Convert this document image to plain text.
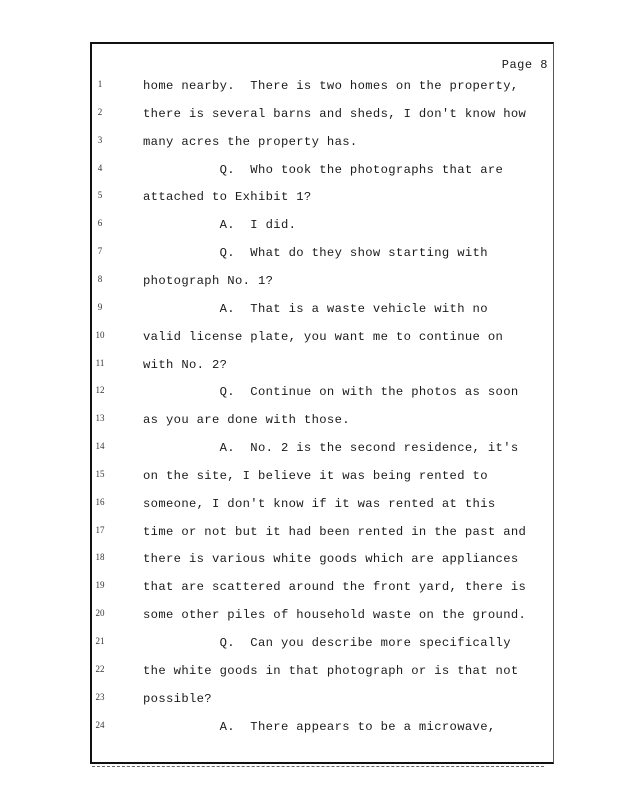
Page 8
1	home nearby.  There is two homes on the property,
2	there is several barns and sheds, I don't know how
3	many acres the property has.
4	Q.  Who took the photographs that are
5	attached to Exhibit 1?
6	A.  I did.
7	Q.  What do they show starting with
8	photograph No. 1?
9	A.  That is a waste vehicle with no
10	valid license plate, you want me to continue on
11	with No. 2?
12	Q.  Continue on with the photos as soon
13	as you are done with those.
14	A.  No. 2 is the second residence, it's
15	on the site, I believe it was being rented to
16	someone, I don't know if it was rented at this
17	time or not but it had been rented in the past and
18	there is various white goods which are appliances
19	that are scattered around the front yard, there is
20	some other piles of household waste on the ground.
21	Q.  Can you describe more specifically
22	the white goods in that photograph or is that not
23	possible?
24	A.  There appears to be a microwave,
